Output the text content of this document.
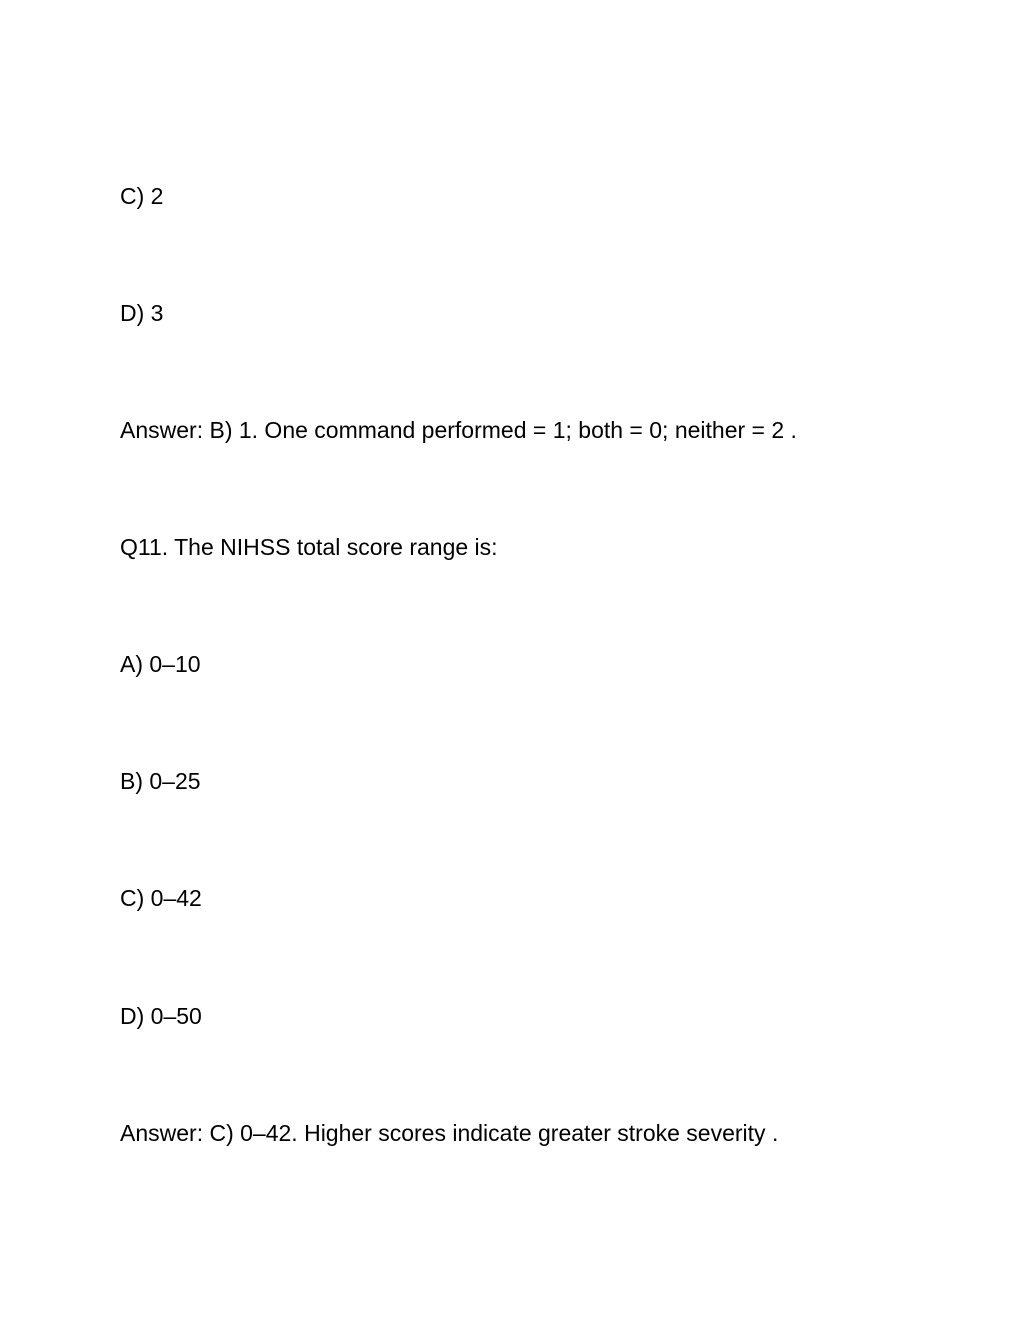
C) 2

D) 3

Answer: B) 1. One command performed = 1; both = 0; neither = 2 .

Q11. The NIHSS total score range is:

A) 0–10

B) 0–25

C) 0–42

D) 0–50

Answer: C) 0–42. Higher scores indicate greater stroke severity .
